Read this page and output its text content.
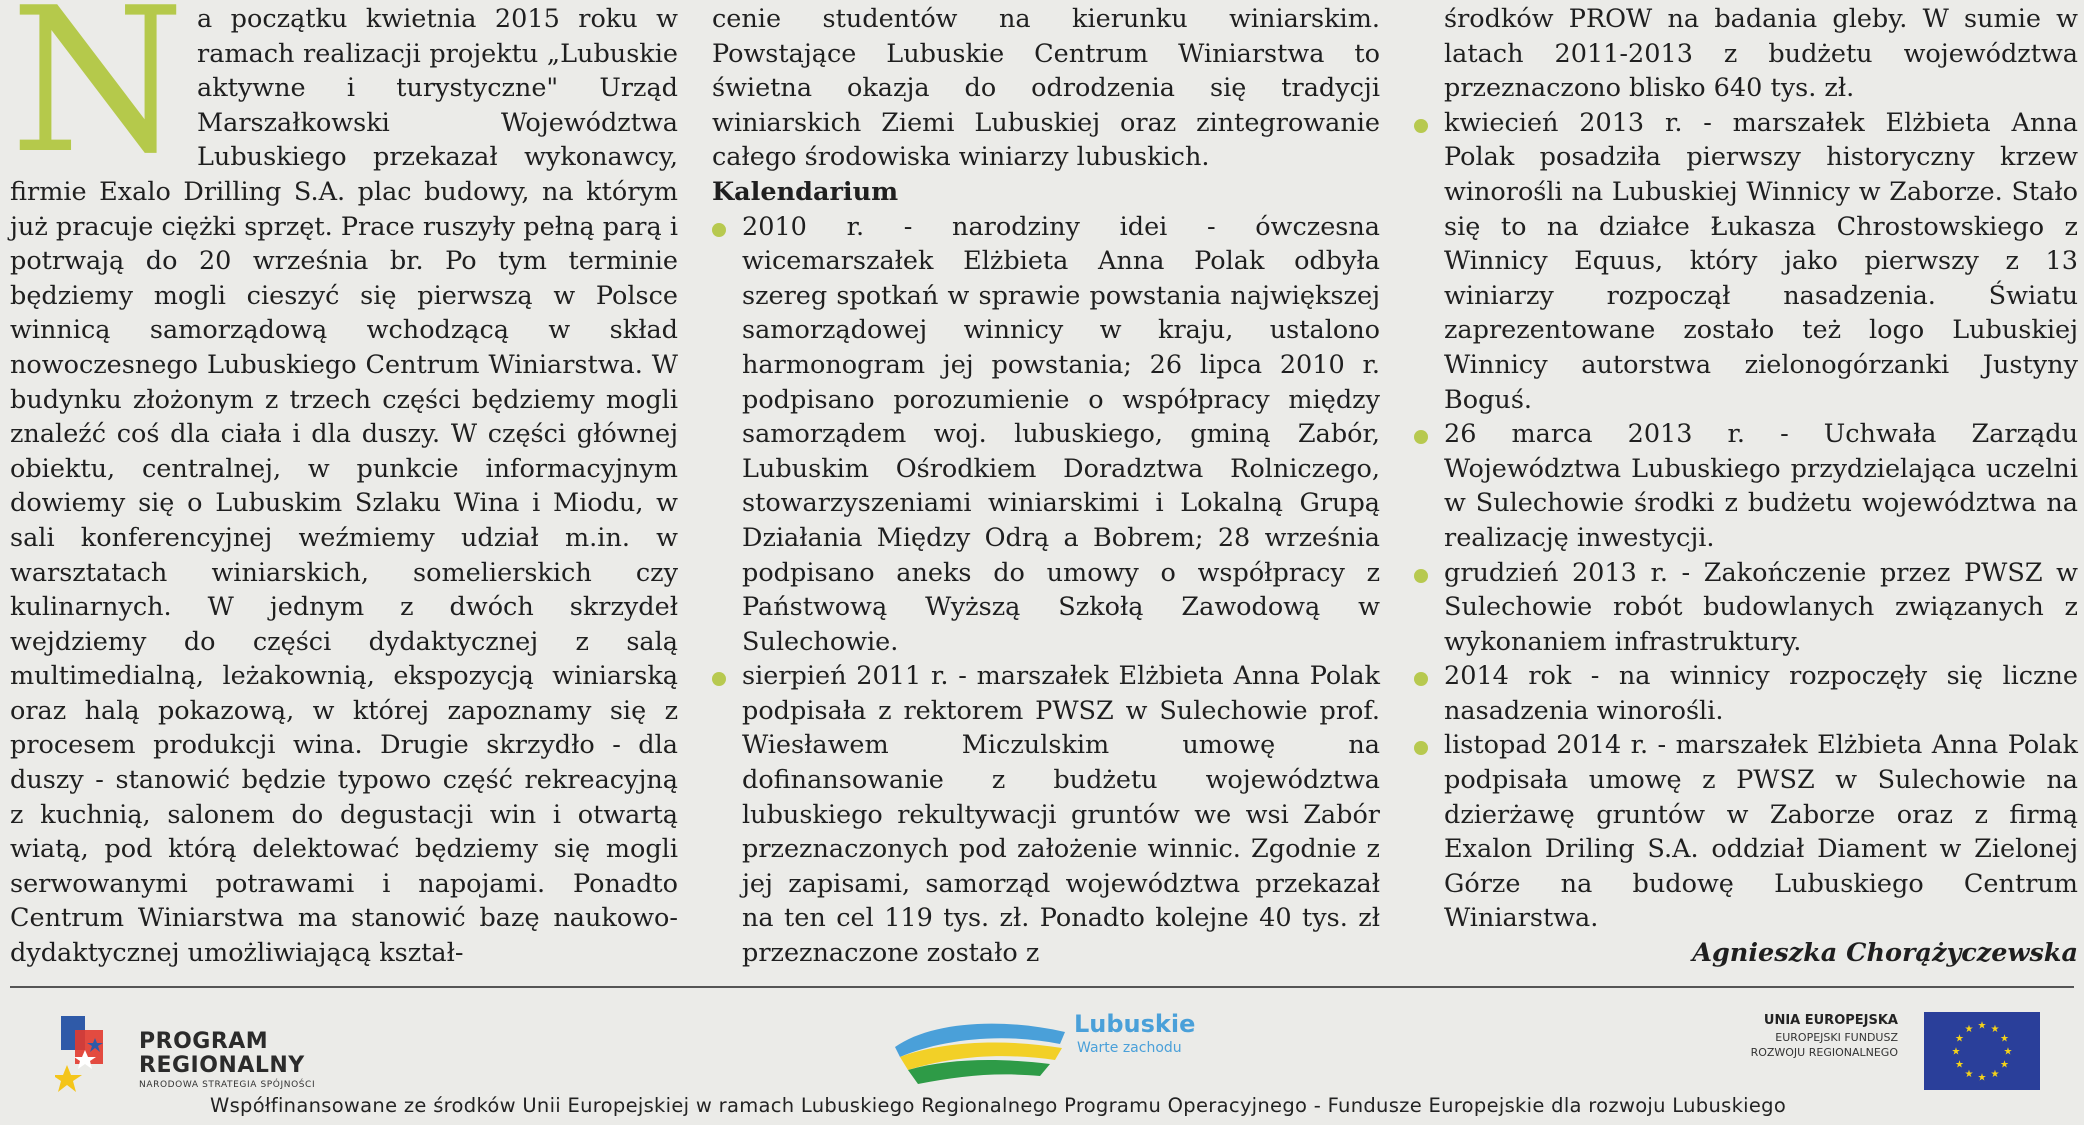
N a początku kwietnia 2015 roku w ramach realizacji projektu „Lubuskie aktywne i turystyczne" Urząd Marszałkowski Województwa Lubuskiego przekazał wykonawcy, firmie Exalo Drilling S.A. plac budowy, na którym już pracuje ciężki sprzęt. Prace ruszyły pełną parą i potrwają do 20 września br. Po tym terminie będziemy mogli cieszyć się pierwszą w Polsce winnicą samorządową wchodzącą w skład nowoczesnego Lubuskiego Centrum Winiarstwa. W budynku złożonym z trzech części będziemy mogli znaleźć coś dla ciała i dla duszy. W części głównej obiektu, centralnej, w punkcie informacyjnym dowiemy się o Lubuskim Szlaku Wina i Miodu, w sali konferencyjnej weźmiemy udział m.in. w warsztatach winiarskich, somelierskich czy kulinarnych. W jednym z dwóch skrzydeł wejdziemy do części dydaktycznej z salą multimedialną, leżakownią, ekspozycją winiarską oraz halą pokazową, w której zapoznamy się z procesem produkcji wina. Drugie skrzydło - dla duszy - stanowić będzie typowo część rekreacyjną z kuchnią, salonem do degustacji win i otwartą wiatą, pod którą delektować będziemy się mogli serwowanymi potrawami i napojami. Ponadto Centrum Winiarstwa ma stanowić bazę naukowo-dydaktycznej umożliwiającą kształ-

cenie studentów na kierunku winiarskim. Powstające Lubuskie Centrum Winiarstwa to świetna okazja do odrodzenia się tradycji winiarskich Ziemi Lubuskiej oraz zintegrowanie całego środowiska winiarzy lubuskich.

Kalendarium

2010 r. - narodziny idei - ówczesna wicemarszałek Elżbieta Anna Polak odbyła szereg spotkań w sprawie powstania największej samorządowej winnicy w kraju, ustalono harmonogram jej powstania; 26 lipca 2010 r. podpisano porozumienie o współpracy między samorządem woj. lubuskiego, gminą Zabór, Lubuskim Ośrodkiem Doradztwa Rolniczego, stowarzyszeniami winiarskimi i Lokalną Grupą Działania Między Odrą a Bobrem; 28 września podpisano aneks do umowy o współpracy z Państwową Wyższą Szkołą Zawodową w Sulechowie.
sierpień 2011 r. - marszałek Elżbieta Anna Polak podpisała z rektorem PWSZ w Sulechowie prof. Wiesławem Miczulskim umowę na dofinansowanie z budżetu województwa lubuskiego rekultywacji gruntów we wsi Zabór przeznaczonych pod założenie winnic. Zgodnie z jej zapisami, samorząd województwa przekazał na ten cel 119 tys. zł. Ponadto kolejne 40 tys. zł przeznaczone zostało z

środków PROW na badania gleby. W sumie w latach 2011-2013 z budżetu województwa przeznaczono blisko 640 tys. zł.

kwiecień 2013 r. - marszałek Elżbieta Anna Polak posadziła pierwszy historyczny krzew winorośli na Lubuskiej Winnicy w Zaborze. Stało się to na działce Łukasza Chrostowskiego z Winnicy Equus, który jako pierwszy z 13 winiarzy rozpoczął nasadzenia. Światu zaprezentowane zostało też logo Lubuskiej Winnicy autorstwa zielonogórzanki Justyny Boguś.
26 marca 2013 r. - Uchwała Zarządu Województwa Lubuskiego przydzielająca uczelni w Sulechowie środki z budżetu województwa na realizację inwestycji.
grudzień 2013 r. - Zakończenie przez PWSZ w Sulechowie robót budowlanych związanych z wykonaniem infrastruktury.
2014 rok - na winnicy rozpoczęły się liczne nasadzenia winorośli.
listopad 2014 r. - marszałek Elżbieta Anna Polak podpisała umowę z PWSZ w Sulechowie na dzierżawę gruntów w Zaborze oraz z firmą Exalon Driling S.A. oddział Diament w Zielonej Górze na budowę Lubuskiego Centrum Winiarstwa.

Agnieszka Chorążyczewska

PROGRAM
REGIONALNY
NARODOWA STRATEGIA SPÓJNOŚCI
Lubuskie
Warte zachodu
UNIA EUROPEJSKA
EUROPEJSKI FUNDUSZ
ROZWOJU REGIONALNEGO
★ ★
★
★
★
★
★
★
★
★
★
★
Współfinansowane ze środków Unii Europejskiej w ramach Lubuskiego Regionalnego Programu Operacyjnego - Fundusze Europejskie dla rozwoju Lubuskiego
